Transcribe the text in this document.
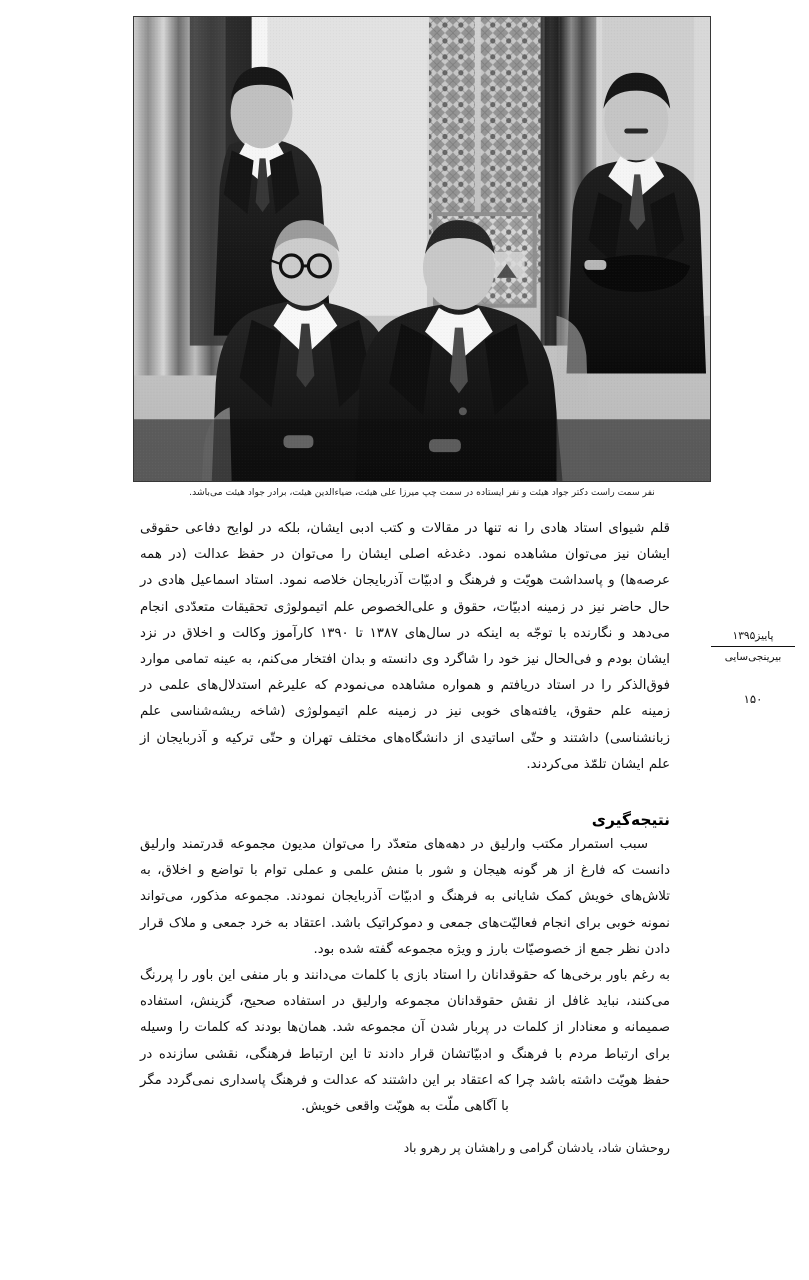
نفر سمت راست دکتر جواد هیئت و نفر ایستاده در سمت چپ میرزا علی هیئت، ضیاءالدین هیئت، برادر جواد هیئت می‌باشد.
پاییز۱۳۹۵
بیرینجی‌سایی
۱۵۰

قلم شیوای استاد هادی را نه تنها در مقالات و کتب ادبی ایشان، بلکه در لوایح دفاعی حقوقی ایشان نیز می‌توان مشاهده نمود. دغدغه اصلی ایشان را می‌توان در حفظ عدالت (در همه عرصه‌ها) و پاسداشت هویّت و فرهنگ و ادبیّات آذربایجان خلاصه نمود. استاد اسماعیل هادی در حال حاضر نیز در زمینه ادبیّات، حقوق و علی‌الخصوص علم اتیمولوژی تحقیقات متعدّدی انجام می‌دهد و نگارنده با توجّه به اینکه در سال‌های ۱۳۸۷ تا ۱۳۹۰ کارآموز وکالت و اخلاق در نزد ایشان بودم و فی‌الحال نیز خود را شاگرد وی دانسته و بدان افتخار می‌کنم، به عینه تمامی موارد فوق‌الذکر را در استاد دریافتم و همواره مشاهده می‌نمودم که علیرغم استدلال‌های علمی در زمینه علم حقوق، یافته‌های خوبی نیز در زمینه علم اتیمولوژی (شاخه ریشه‌شناسی علم زبانشناسی) داشتند و حتّی اساتیدی از دانشگاه‌های مختلف تهران و حتّی ترکیه و آذربایجان از علم ایشان تلمّذ می‌کردند.

نتیجه‌گیری

سبب استمرار مکتب وارلیق در دهه‌های متعدّد را می‌توان مدیون مجموعه قدرتمند وارلیق دانست که فارغ از هر گونه هیجان و شور با منش علمی و عملی توام با تواضع و اخلاق، به تلاش‌های خویش کمک شایانی به فرهنگ و ادبیّات آذربایجان نمودند. مجموعه مذکور، می‌تواند نمونه خوبی برای انجام فعالیّت‌های جمعی و دموکراتیک باشد. اعتقاد به خرد جمعی و ملاک قرار دادن نظر جمع از خصوصیّات بارز و ویژه مجموعه گفته شده بود.

به رغم باور برخی‌ها که حقوقدانان را استاد بازی با کلمات می‌دانند و بار منفی این باور را پررنگ می‌کنند، نباید غافل از نقش حقوقدانان مجموعه وارلیق در استفاده صحیح، گزینش، استفاده صمیمانه و معنادار از کلمات در پربار شدن آن مجموعه شد. همان‌ها بودند که کلمات را وسیله برای ارتباط مردم با فرهنگ و ادبیّاتشان قرار دادند تا این ارتباط فرهنگی، نقشی سازنده در حفظ هویّت داشته باشد چرا که اعتقاد بر این داشتند که عدالت و فرهنگ پاسداری نمی‌گردد مگر با آگاهی ملّت به هویّت واقعی خویش.

روحشان شاد، یادشان گرامی و راهشان پر رهرو باد
